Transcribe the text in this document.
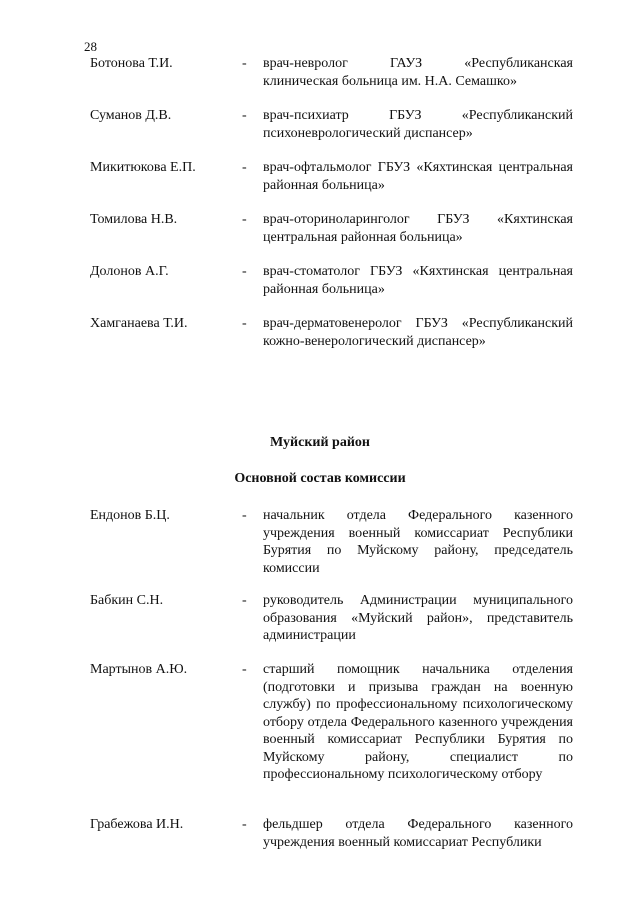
28
Ботонова Т.И.	- врач-невролог ГАУЗ «Республиканская клиническая больница им. Н.А. Семашко»
Суманов Д.В.	- врач-психиатр ГБУЗ «Республиканский психоневрологический диспансер»
Микитюкова Е.П.	- врач-офтальмолог ГБУЗ «Кяхтинская центральная районная больница»
Томилова Н.В.	- врач-оториноларинголог ГБУЗ «Кяхтинская центральная районная больница»
Долонов А.Г.	- врач-стоматолог ГБУЗ «Кяхтинская центральная районная больница»
Хамганаева Т.И.	- врач-дерматовенеролог ГБУЗ «Республиканский кожно-венерологический диспансер»
Муйский район
Основной состав комиссии
Ендонов Б.Ц.	- начальник отдела Федерального казенного учреждения военный комиссариат Республики Бурятия по Муйскому району, председатель комиссии
Бабкин С.Н.	- руководитель Администрации муниципального образования «Муйский район», представитель администрации
Мартынов А.Ю.	- старший помощник начальника отделения (подготовки и призыва граждан на военную службу) по профессиональному психологическому отбору отдела Федерального казенного учреждения военный комиссариат Республики Бурятия по Муйскому району, специалист по профессиональному психологическому отбору
Грабежова И.Н.	- фельдшер отдела Федерального казенного учреждения военный комиссариат Республики
